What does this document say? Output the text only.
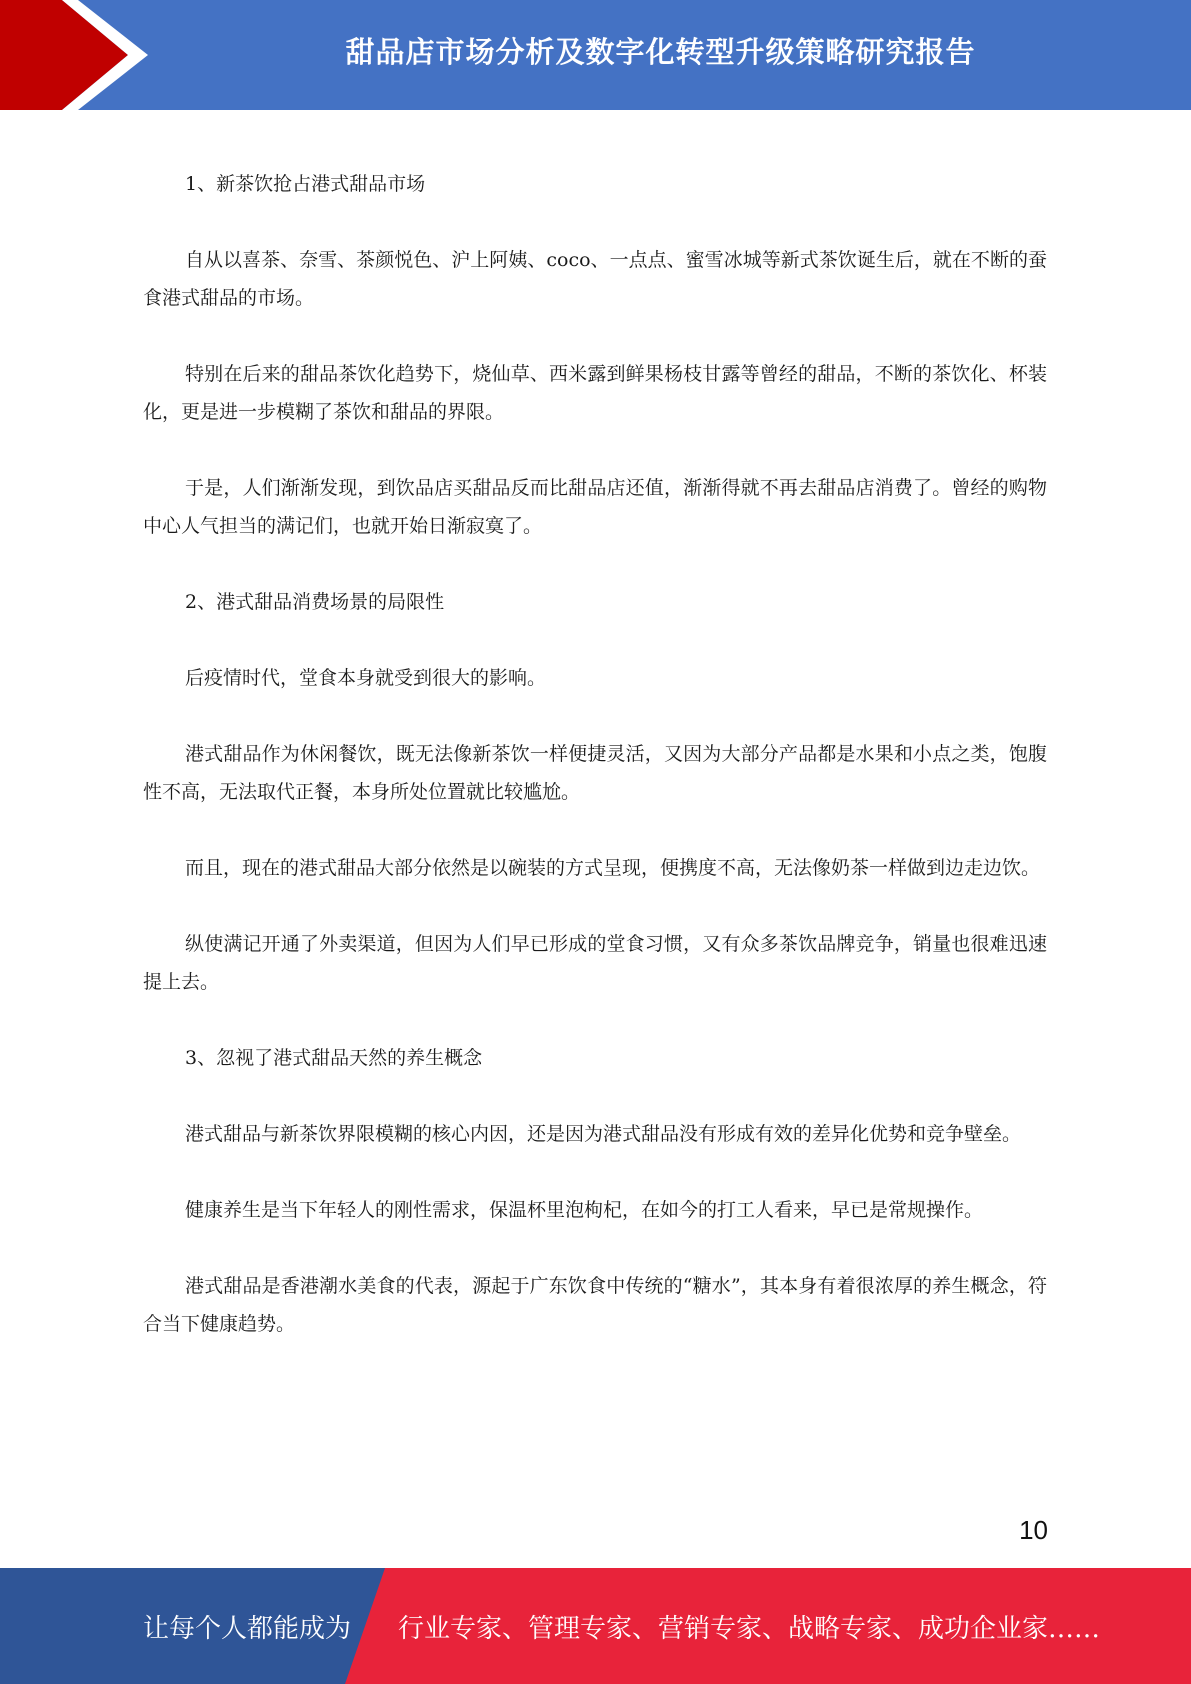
甜品店市场分析及数字化转型升级策略研究报告

1、新茶饮抢占港式甜品市场

自从以喜茶、奈雪、茶颜悦色、沪上阿姨、coco、一点点、蜜雪冰城等新式茶饮诞生后，就在不断的蚕食港式甜品的市场。

特别在后来的甜品茶饮化趋势下，烧仙草、西米露到鲜果杨枝甘露等曾经的甜品，不断的茶饮化、杯装化，更是进一步模糊了茶饮和甜品的界限。

于是，人们渐渐发现，到饮品店买甜品反而比甜品店还值，渐渐得就不再去甜品店消费了。曾经的购物中心人气担当的满记们，也就开始日渐寂寞了。

2、港式甜品消费场景的局限性

后疫情时代，堂食本身就受到很大的影响。

港式甜品作为休闲餐饮，既无法像新茶饮一样便捷灵活，又因为大部分产品都是水果和小点之类，饱腹性不高，无法取代正餐，本身所处位置就比较尴尬。

而且，现在的港式甜品大部分依然是以碗装的方式呈现，便携度不高，无法像奶茶一样做到边走边饮。

纵使满记开通了外卖渠道，但因为人们早已形成的堂食习惯，又有众多茶饮品牌竞争，销量也很难迅速提上去。

3、忽视了港式甜品天然的养生概念

港式甜品与新茶饮界限模糊的核心内因，还是因为港式甜品没有形成有效的差异化优势和竞争壁垒。

健康养生是当下年轻人的刚性需求，保温杯里泡枸杞，在如今的打工人看来，早已是常规操作。

港式甜品是香港潮水美食的代表，源起于广东饮食中传统的“糖水”，其本身有着很浓厚的养生概念，符合当下健康趋势。

10
让每个人都能成为 行业专家、管理专家、营销专家、战略专家、成功企业家……
